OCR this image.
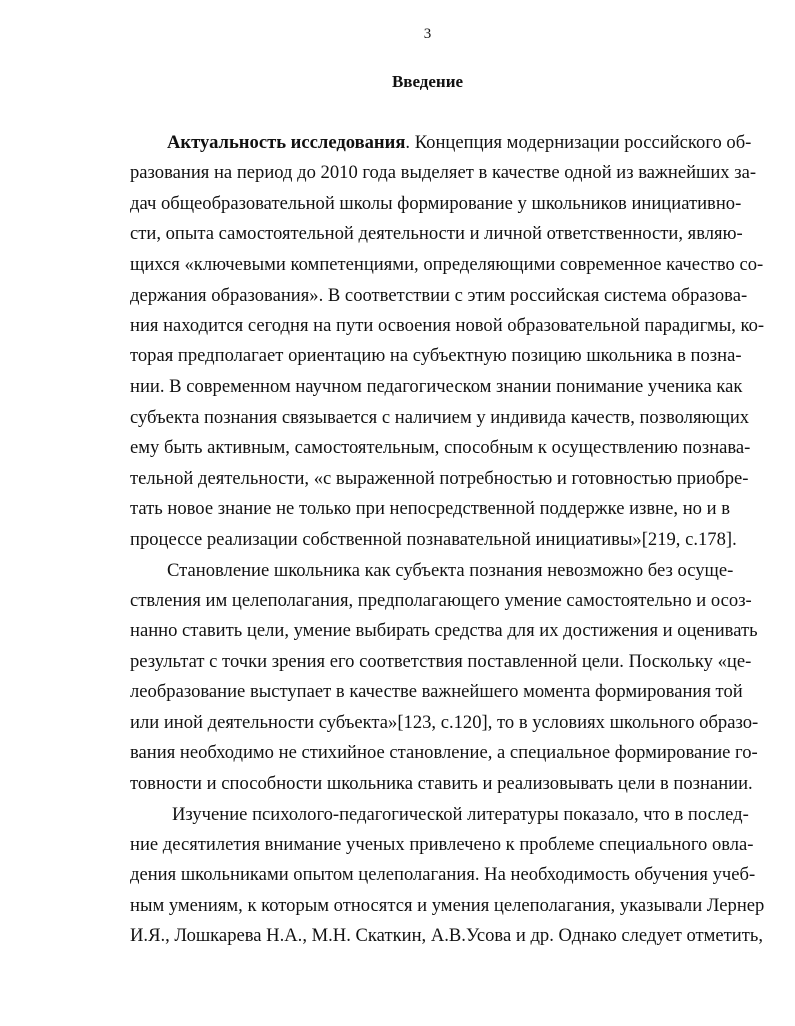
3
Введение
Актуальность исследования. Концепция модернизации российского об-
разования на период до 2010 года выделяет в качестве одной из важнейших за-
дач общеобразовательной школы формирование у школьников инициативно-
сти, опыта самостоятельной деятельности и личной ответственности, являю-
щихся «ключевыми компетенциями, определяющими современное качество со-
держания образования». В соответствии с этим российская система образова-
ния находится сегодня на пути освоения новой образовательной парадигмы, ко-
торая предполагает ориентацию на субъектную позицию школьника в позна-
нии. В современном научном педагогическом знании понимание ученика как
субъекта познания связывается с наличием у индивида качеств, позволяющих
ему быть активным, самостоятельным, способным к осуществлению познава-
тельной деятельности, «с выраженной потребностью и готовностью приобре-
тать новое знание не только при непосредственной поддержке извне, но и в
процессе реализации собственной познавательной инициативы»[219, с.178].
Становление школьника как субъекта познания невозможно без осуще-
ствления им целеполагания, предполагающего умение самостоятельно и осоз-
нанно ставить цели, умение выбирать средства для их достижения и оценивать
результат с точки зрения его соответствия поставленной цели. Поскольку «це-
леобразование выступает в качестве важнейшего момента формирования той
или иной деятельности субъекта»[123, с.120], то в условиях школьного образо-
вания необходимо не стихийное становление, а специальное формирование го-
товности и способности школьника ставить и реализовывать цели в познании.
Изучение психолого-педагогической литературы показало, что в послед-
ние десятилетия внимание ученых привлечено к проблеме специального овла-
дения школьниками опытом целеполагания. На необходимость обучения учеб-
ным умениям, к которым относятся и умения целеполагания, указывали Лернер
И.Я., Лошкарева Н.А., М.Н. Скаткин, А.В.Усова и др. Однако следует отметить,
